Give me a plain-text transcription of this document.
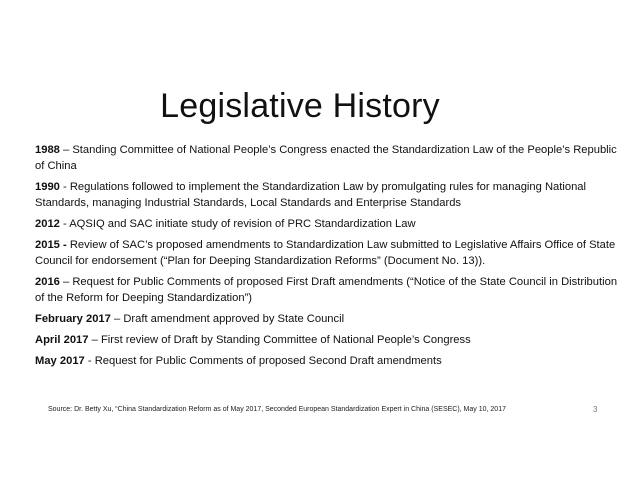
Legislative History
1988 – Standing Committee of National People’s Congress enacted the Standardization Law of the People’s Republic of China
1990 - Regulations followed to implement the Standardization Law by promulgating rules for managing National Standards, managing Industrial Standards, Local Standards and Enterprise Standards
2012 - AQSIQ and SAC initiate study of revision of PRC Standardization Law
2015 - Review of SAC’s proposed amendments to Standardization Law submitted to Legislative Affairs Office of State Council for endorsement (“Plan for Deeping Standardization Reforms” (Document No. 13)).
2016 – Request for Public Comments of proposed First Draft amendments (“Notice of the State Council in Distribution of the Reform for Deeping Standardization”)
February 2017 – Draft amendment approved by State Council
April 2017 – First review of Draft by Standing Committee of National People’s Congress
May 2017 - Request for Public Comments of proposed Second Draft amendments
Source: Dr. Betty Xu, “China Standardization Reform as of May 2017, Seconded European Standardization Expert in China (SESEC), May 10, 2017	3
